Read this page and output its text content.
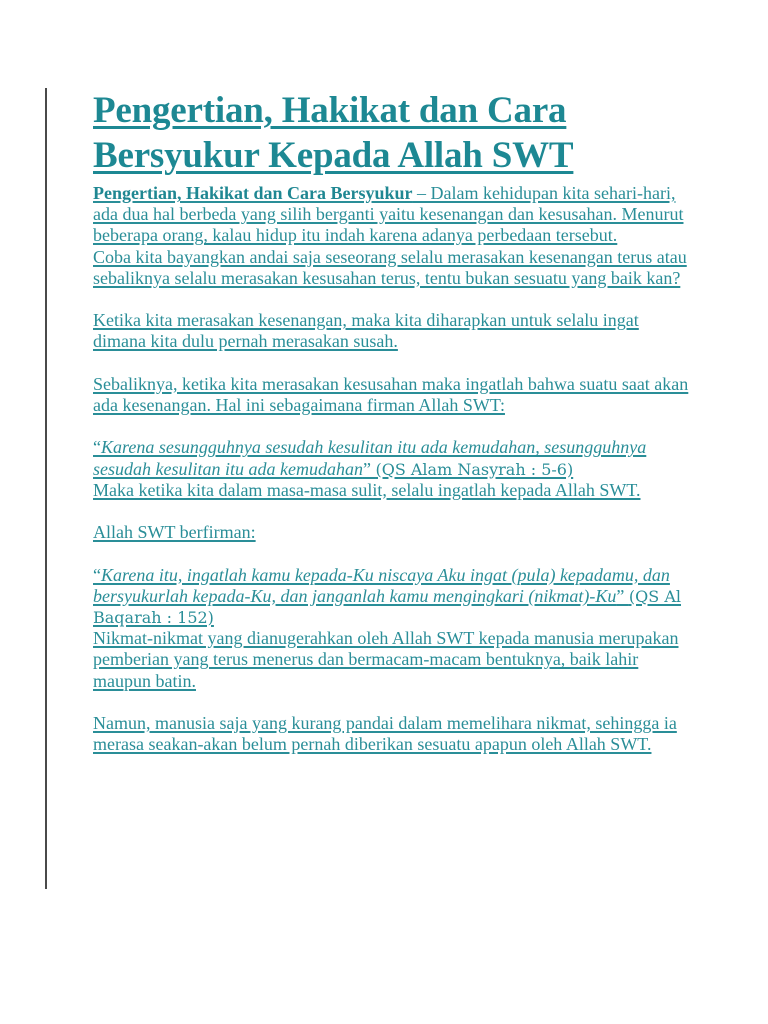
Pengertian, Hakikat dan Cara Bersyukur Kepada Allah SWT

Pengertian, Hakikat dan Cara Bersyukur – Dalam kehidupan kita sehari-hari, ada dua hal berbeda yang silih berganti yaitu kesenangan dan kesusahan. Menurut beberapa orang, kalau hidup itu indah karena adanya perbedaan tersebut.

Coba kita bayangkan andai saja seseorang selalu merasakan kesenangan terus atau sebaliknya selalu merasakan kesusahan terus, tentu bukan sesuatu yang baik kan?

Ketika kita merasakan kesenangan, maka kita diharapkan untuk selalu ingat dimana kita dulu pernah merasakan susah.

Sebaliknya, ketika kita merasakan kesusahan maka ingatlah bahwa suatu saat akan ada kesenangan. Hal ini sebagaimana firman Allah SWT:

“Karena sesungguhnya sesudah kesulitan itu ada kemudahan, sesungguhnya sesudah kesulitan itu ada kemudahan” (QS Alam Nasyrah : 5-6)

Maka ketika kita dalam masa-masa sulit, selalu ingatlah kepada Allah SWT.

Allah SWT berfirman:

“Karena itu, ingatlah kamu kepada-Ku niscaya Aku ingat (pula) kepadamu, dan bersyukurlah kepada-Ku, dan janganlah kamu mengingkari (nikmat)-Ku” (QS Al Baqarah : 152)

Nikmat-nikmat yang dianugerahkan oleh Allah SWT kepada manusia merupakan pemberian yang terus menerus dan bermacam-macam bentuknya, baik lahir maupun batin.

Namun, manusia saja yang kurang pandai dalam memelihara nikmat, sehingga ia merasa seakan-akan belum pernah diberikan sesuatu apapun oleh Allah SWT.
